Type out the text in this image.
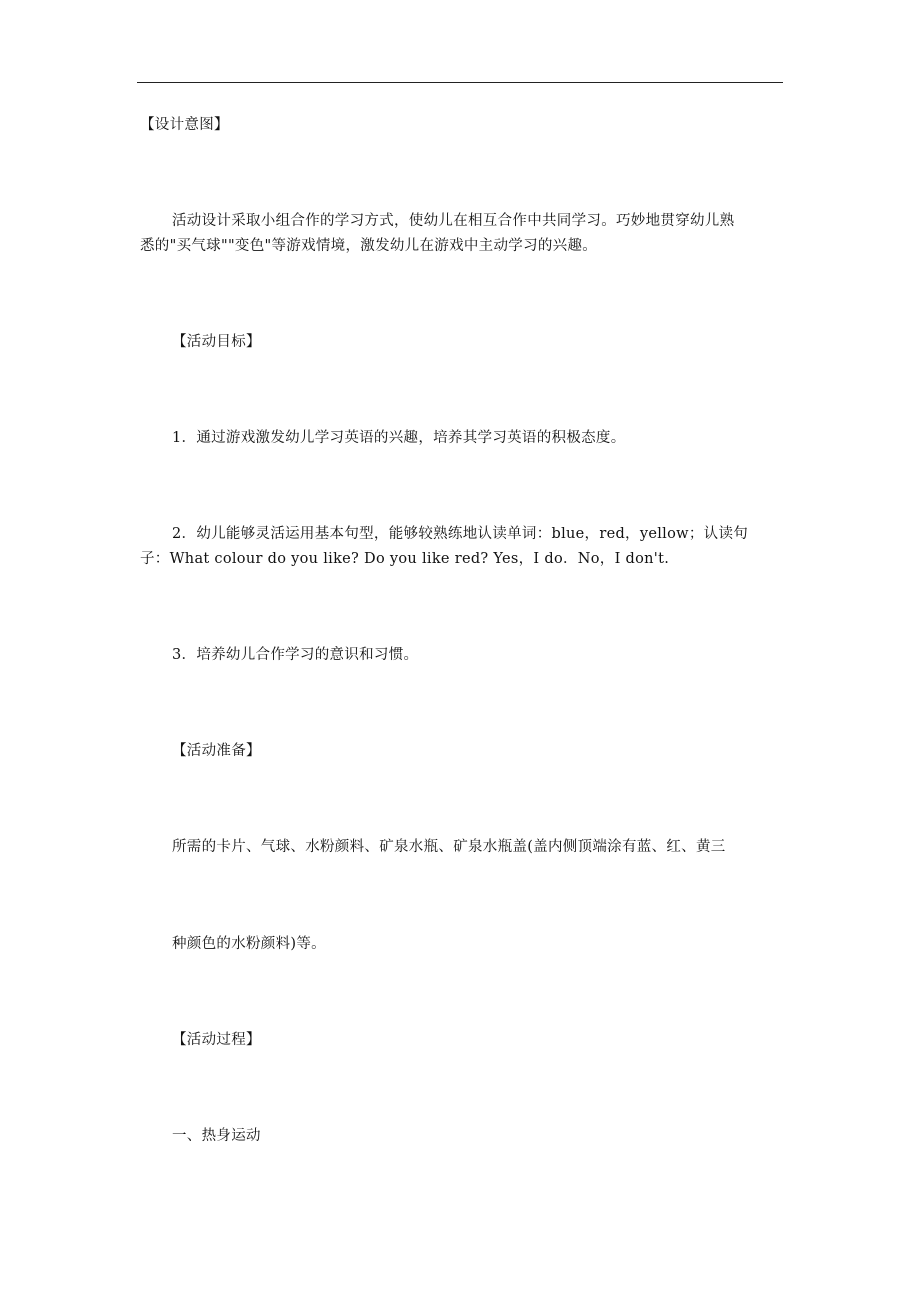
【设计意图】
活动设计采取小组合作的学习方式，使幼儿在相互合作中共同学习。巧妙地贯穿幼儿熟
悉的"买气球""变色"等游戏情境，激发幼儿在游戏中主动学习的兴趣。
【活动目标】
1．通过游戏激发幼儿学习英语的兴趣，培养其学习英语的积极态度。
2．幼儿能够灵活运用基本句型，能够较熟练地认读单词：blue，red，yellow；认读句
子：What colour do you like? Do you like red? Yes，I do．No，I don't.
3．培养幼儿合作学习的意识和习惯。
【活动准备】
所需的卡片、气球、水粉颜料、矿泉水瓶、矿泉水瓶盖(盖内侧顶端涂有蓝、红、黄三
种颜色的水粉颜料)等。
【活动过程】
一、热身运动
